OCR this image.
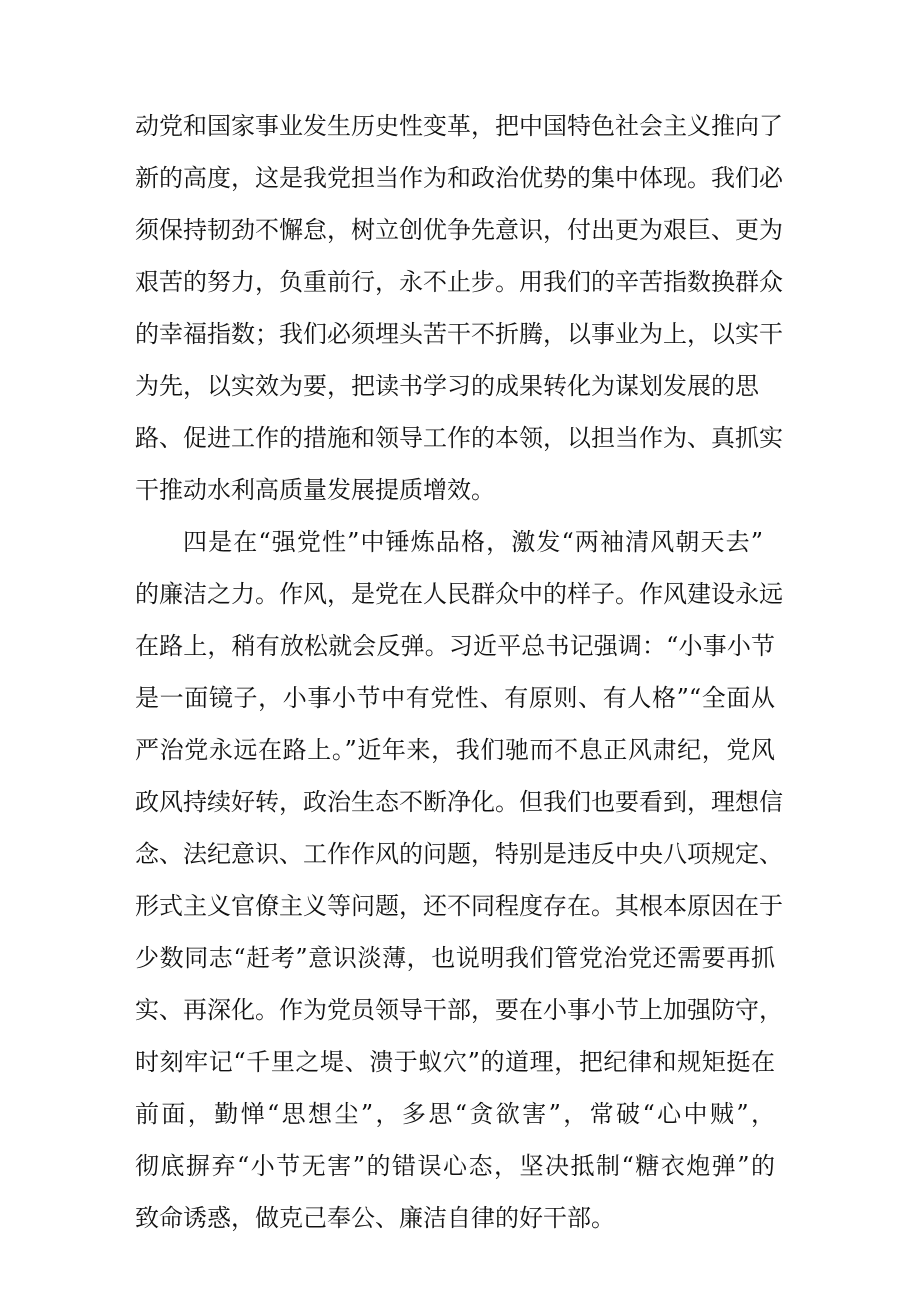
动党和国家事业发生历史性变革，把中国特色社会主义推向了
新的高度，这是我党担当作为和政治优势的集中体现。我们必
须保持韧劲不懈怠，树立创优争先意识，付出更为艰巨、更为
艰苦的努力，负重前行，永不止步。用我们的辛苦指数换群众
的幸福指数；我们必须埋头苦干不折腾，以事业为上，以实干
为先，以实效为要，把读书学习的成果转化为谋划发展的思
路、促进工作的措施和领导工作的本领，以担当作为、真抓实
干推动水利高质量发展提质增效。
四是在“强党性”中锤炼品格，激发“两袖清风朝天去”
的廉洁之力。作风，是党在人民群众中的样子。作风建设永远
在路上，稍有放松就会反弹。习近平总书记强调：“小事小节
是一面镜子，小事小节中有党性、有原则、有人格”“全面从
严治党永远在路上。”近年来，我们驰而不息正风肃纪，党风
政风持续好转，政治生态不断净化。但我们也要看到，理想信
念、法纪意识、工作作风的问题，特别是违反中央八项规定、
形式主义官僚主义等问题，还不同程度存在。其根本原因在于
少数同志“赶考”意识淡薄，也说明我们管党治党还需要再抓
实、再深化。作为党员领导干部，要在小事小节上加强防守，
时刻牢记“千里之堤、溃于蚁穴”的道理，把纪律和规矩挺在
前面，勤惮“思想尘”，多思“贪欲害”，常破“心中贼”，
彻底摒弃“小节无害”的错误心态，坚决抵制“糖衣炮弹”的
致命诱惑，做克己奉公、廉洁自律的好干部。
